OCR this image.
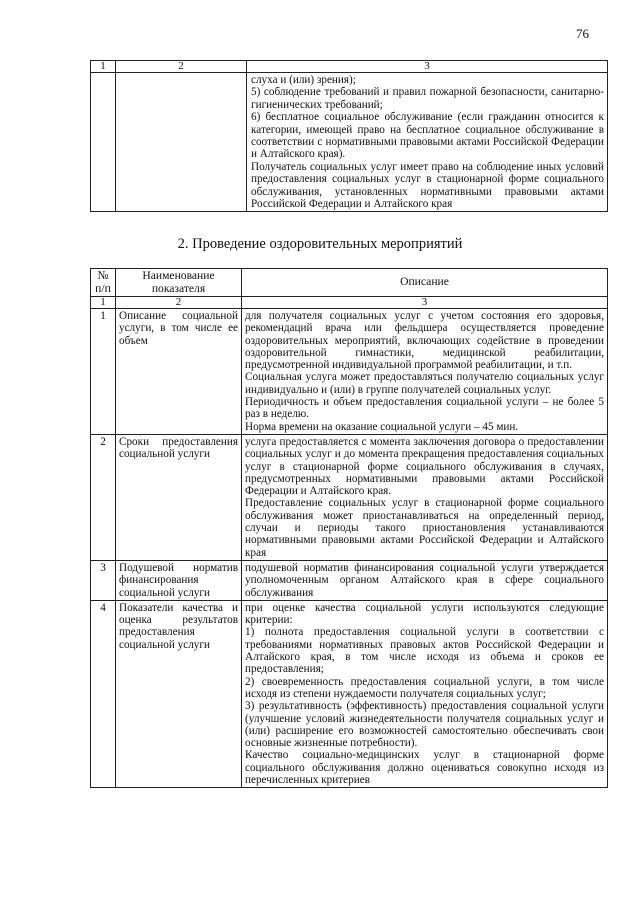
76
1	2	3

		слуха и (или) зрения);

5) соблюдение требований и правил пожарной безопасности, санитарно-гигиенических требований;

6) бесплатное социальное обслуживание (если гражданин относится к категории, имеющей право на бесплатное социальное обслуживание в соответствии с нормативными правовыми актами Российской Федерации и Алтайского края).

Получатель социальных услуг имеет право на соблюдение иных условий предоставления социальных услуг в стационарной форме социального обслуживания, установленных нормативными правовыми актами Российской Федерации и Алтайского края

2. Проведение оздоровительных мероприятий
№ п/п	Наименование показателя	Описание
1	2	3
1	Описание социальной услуги, в том числе ее объем	для получателя социальных услуг с учетом состояния его здоровья, рекомендаций врача или фельдшера осуществляется проведение оздоровительных мероприятий, включающих содействие в проведении оздоровительной гимнастики, медицинской реабилитации, предусмотренной индивидуальной программой реабилитации, и т.п.

Социальная услуга может предоставляться получателю социальных услуг индивидуально и (или) в группе получателей социальных услуг.

Периодичность и объем предоставления социальной услуги – не более 5 раз в неделю.

Норма времени на оказание социальной услуги – 45 мин.

2	Сроки предоставления социальной услуги	услуга предоставляется с момента заключения договора о предоставлении социальных услуг и до момента прекращения предоставления социальных услуг в стационарной форме социального обслуживания в случаях, предусмотренных нормативными правовыми актами Российской Федерации и Алтайского края.

Предоставление социальных услуг в стационарной форме социального обслуживания может приостанавливаться на определенный период, случаи и периоды такого приостановления устанавливаются нормативными правовыми актами Российской Федерации и Алтайского края

3	Подушевой норматив финансирования социальной услуги	подушевой норматив финансирования социальной услуги утверждается уполномоченным органом Алтайского края в сфере социального обслуживания

4	Показатели качества и оценка результатов предоставления социальной услуги	при оценке качества социальной услуги используются следующие критерии:

1) полнота предоставления социальной услуги в соответствии с требованиями нормативных правовых актов Российской Федерации и Алтайского края, в том числе исходя из объема и сроков ее предоставления;

2) своевременность предоставления социальной услуги, в том числе исходя из степени нуждаемости получателя социальных услуг;

3) результативность (эффективность) предоставления социальной услуги (улучшение условий жизнедеятельности получателя социальных услуг и (или) расширение его возможностей самостоятельно обеспечивать свои основные жизненные потребности).

Качество социально-медицинских услуг в стационарной форме социального обслуживания должно оцениваться совокупно исходя из перечисленных критериев
